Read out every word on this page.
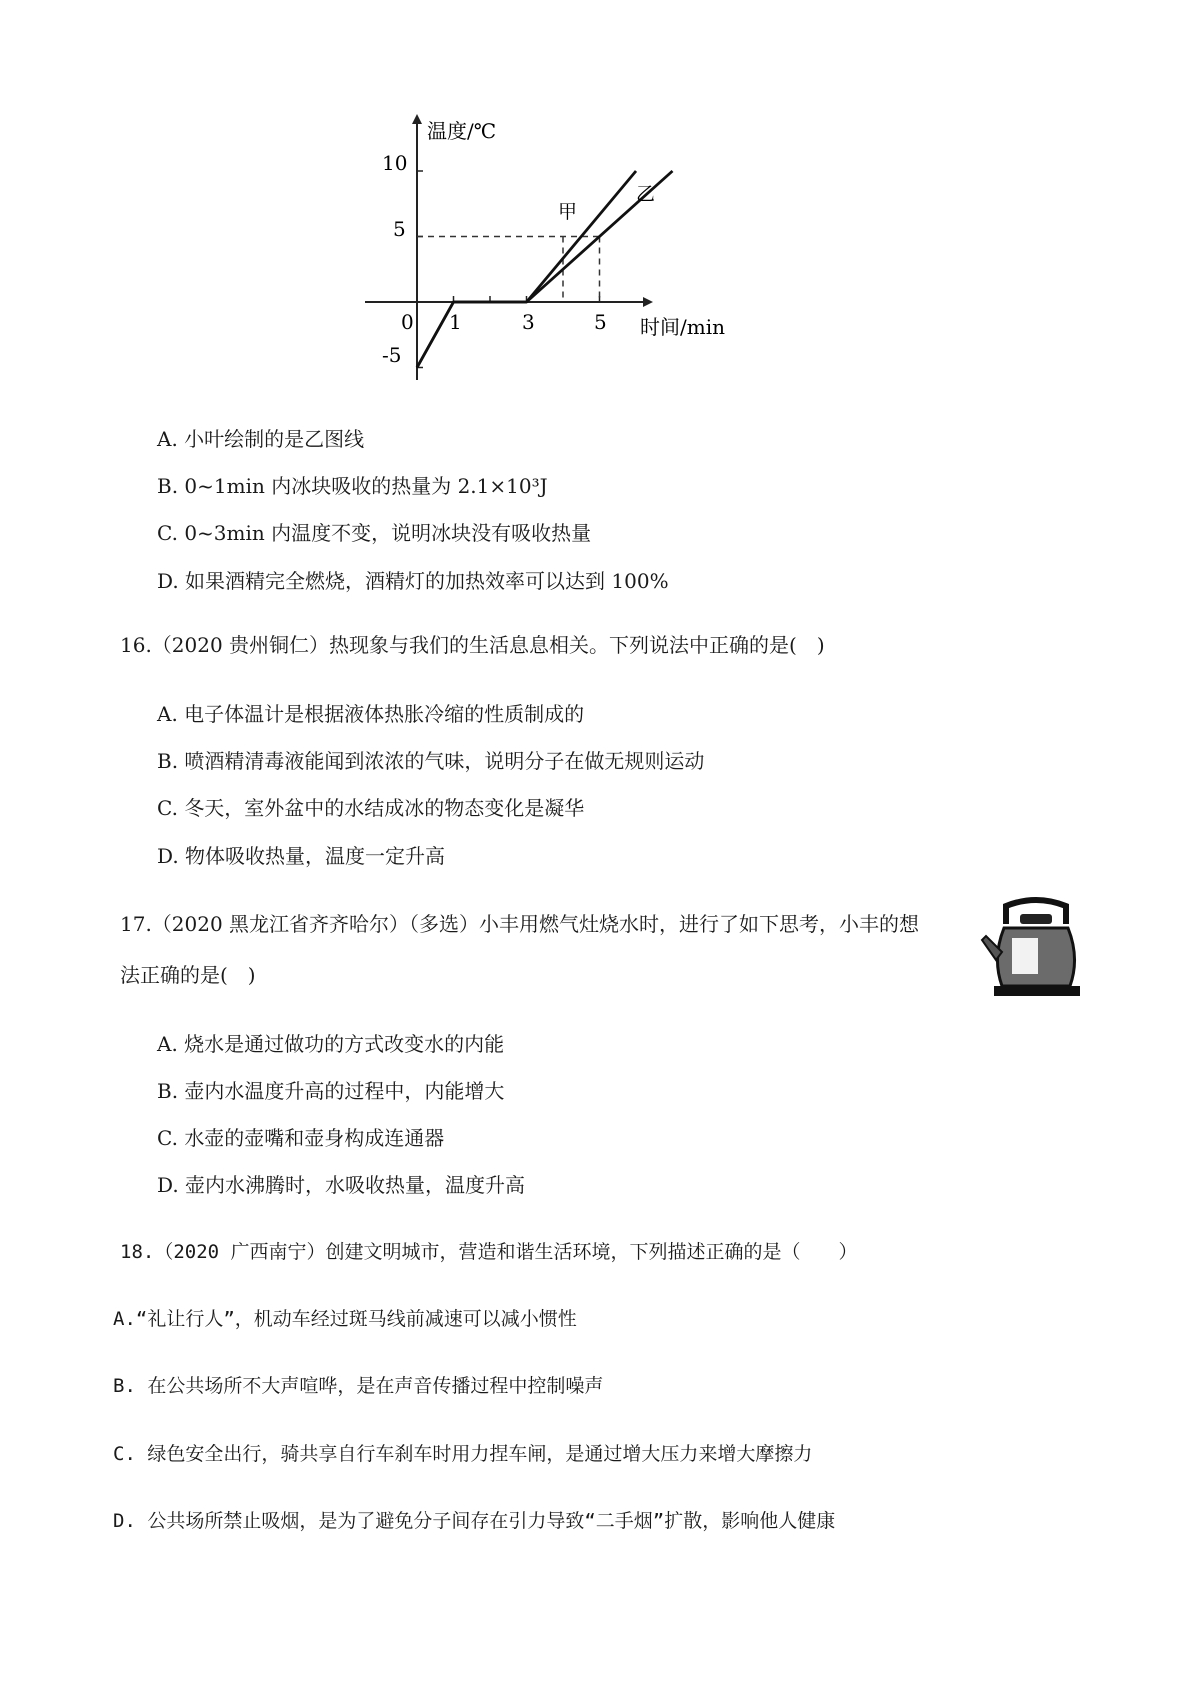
温度/℃
时间/min
10
5
-5
0 1	3	5
甲
乙
A. 小叶绘制的是乙图线
B. 0~1min 内冰块吸收的热量为 2.1×10³J
C. 0~3min 内温度不变，说明冰块没有吸收热量
D. 如果酒精完全燃烧，酒精灯的加热效率可以达到 100%
16.（2020 贵州铜仁）热现象与我们的生活息息相关。下列说法中正确的是(　)
A. 电子体温计是根据液体热胀冷缩的性质制成的
B. 喷酒精清毒液能闻到浓浓的气味，说明分子在做无规则运动
C. 冬天，室外盆中的水结成冰的物态变化是凝华
D. 物体吸收热量，温度一定升高
17.（2020 黑龙江省齐齐哈尔）（多选）小丰用燃气灶烧水时，进行了如下思考，小丰的想
法正确的是(　)
A. 烧水是通过做功的方式改变水的内能
B. 壶内水温度升高的过程中，内能增大
C. 水壶的壶嘴和壶身构成连通器
D. 壶内水沸腾时，水吸收热量，温度升高
18.（2020 广西南宁）创建文明城市，营造和谐生活环境，下列描述正确的是（　　）
A.“礼让行人”，机动车经过斑马线前减速可以减小惯性
B. 在公共场所不大声喧哗，是在声音传播过程中控制噪声
C. 绿色安全出行，骑共享自行车刹车时用力捏车闸，是通过增大压力来增大摩擦力
D. 公共场所禁止吸烟，是为了避免分子间存在引力导致“二手烟”扩散，影响他人健康
